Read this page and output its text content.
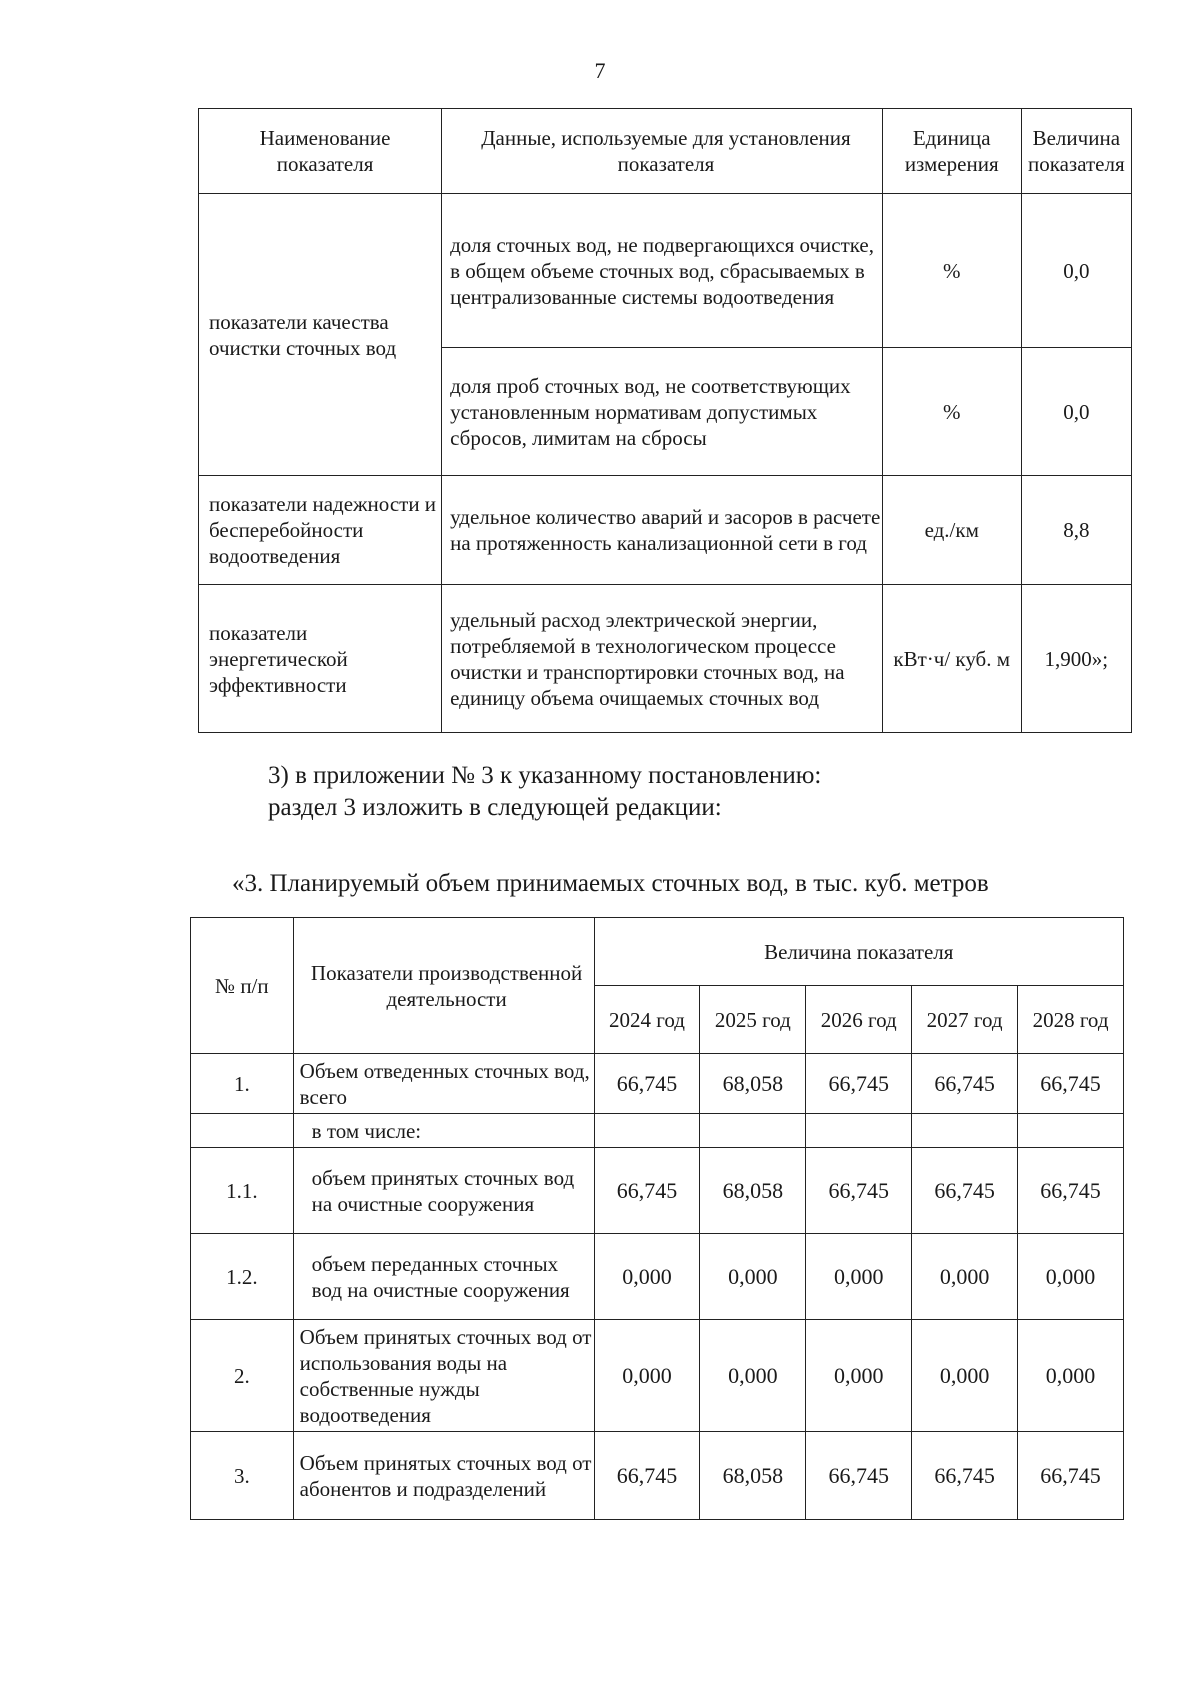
7
Наименование показателя	Данные, используемые для установления показателя	Единица измерения	Величина показателя
показатели качества очистки сточных вод	доля сточных вод, не подвергающихся очистке, в общем объеме сточных вод, сбрасываемых в централизованные системы водоотведения	%	0,0
	доля проб сточных вод, не соответствующих установленным нормативам допустимых сбросов, лимитам на сбросы	%	0,0
показатели надежности и бесперебойности водоотведения	удельное количество аварий и засоров в расчете на протяженность канализационной сети в год	ед./км	8,8
показатели энергетической эффективности	удельный расход электрической энергии, потребляемой в технологическом процессе очистки и транспортировки сточных вод, на единицу объема очищаемых сточных вод	кВт·ч/ куб. м	1,900»;
3) в приложении № 3 к указанному постановлению:
раздел 3 изложить в следующей редакции:
«3. Планируемый объем принимаемых сточных вод, в тыс. куб. метров
№ п/п	Показатели производственной деятельности	Величина показателя				
		2024 год	2025 год	2026 год	2027 год	2028 год
1.	Объем отведенных сточных вод, всего	66,745	68,058	66,745	66,745	66,745
	в том числе:					
1.1.	объем принятых сточных вод на очистные сооружения	66,745	68,058	66,745	66,745	66,745
1.2.	объем переданных сточных вод на очистные сооружения	0,000	0,000	0,000	0,000	0,000
2.	Объем принятых сточных вод от использования воды на собственные нужды водоотведения	0,000	0,000	0,000	0,000	0,000
3.	Объем принятых сточных вод от абонентов и подразделений	66,745	68,058	66,745	66,745	66,745
